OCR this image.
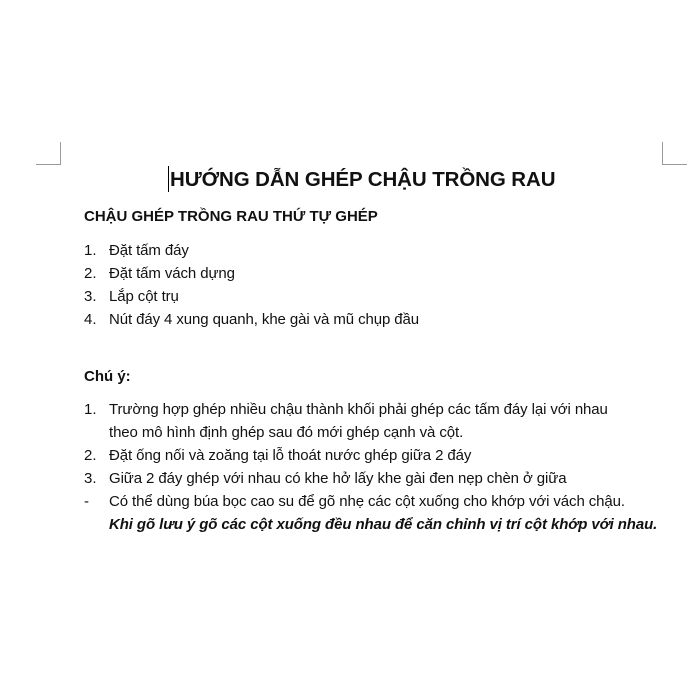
HƯỚNG DẪN GHÉP CHẬU TRỒNG RAU
CHẬU GHÉP TRỒNG RAU THỨ TỰ GHÉP
1. Đặt tấm đáy
2. Đặt tấm vách dựng
3. Lắp cột trụ
4. Nút đáy 4 xung quanh, khe gài và mũ chụp đầu
Chú ý:
1. Trường hợp ghép nhiều chậu thành khối phải ghép các tấm đáy lại với nhau
theo mô hình định ghép sau đó mới ghép cạnh và cột.
2. Đặt ống nối và zoăng tại lỗ thoát nước ghép giữa 2 đáy
3. Giữa 2 đáy ghép với nhau có khe hở lấy khe gài đen nẹp chèn ở giữa
- Có thể dùng búa bọc cao su để gõ nhẹ các cột xuống cho khớp với vách chậu.
Khi gõ lưu ý gõ các cột xuống đều nhau để căn chỉnh vị trí cột khớp với nhau.
